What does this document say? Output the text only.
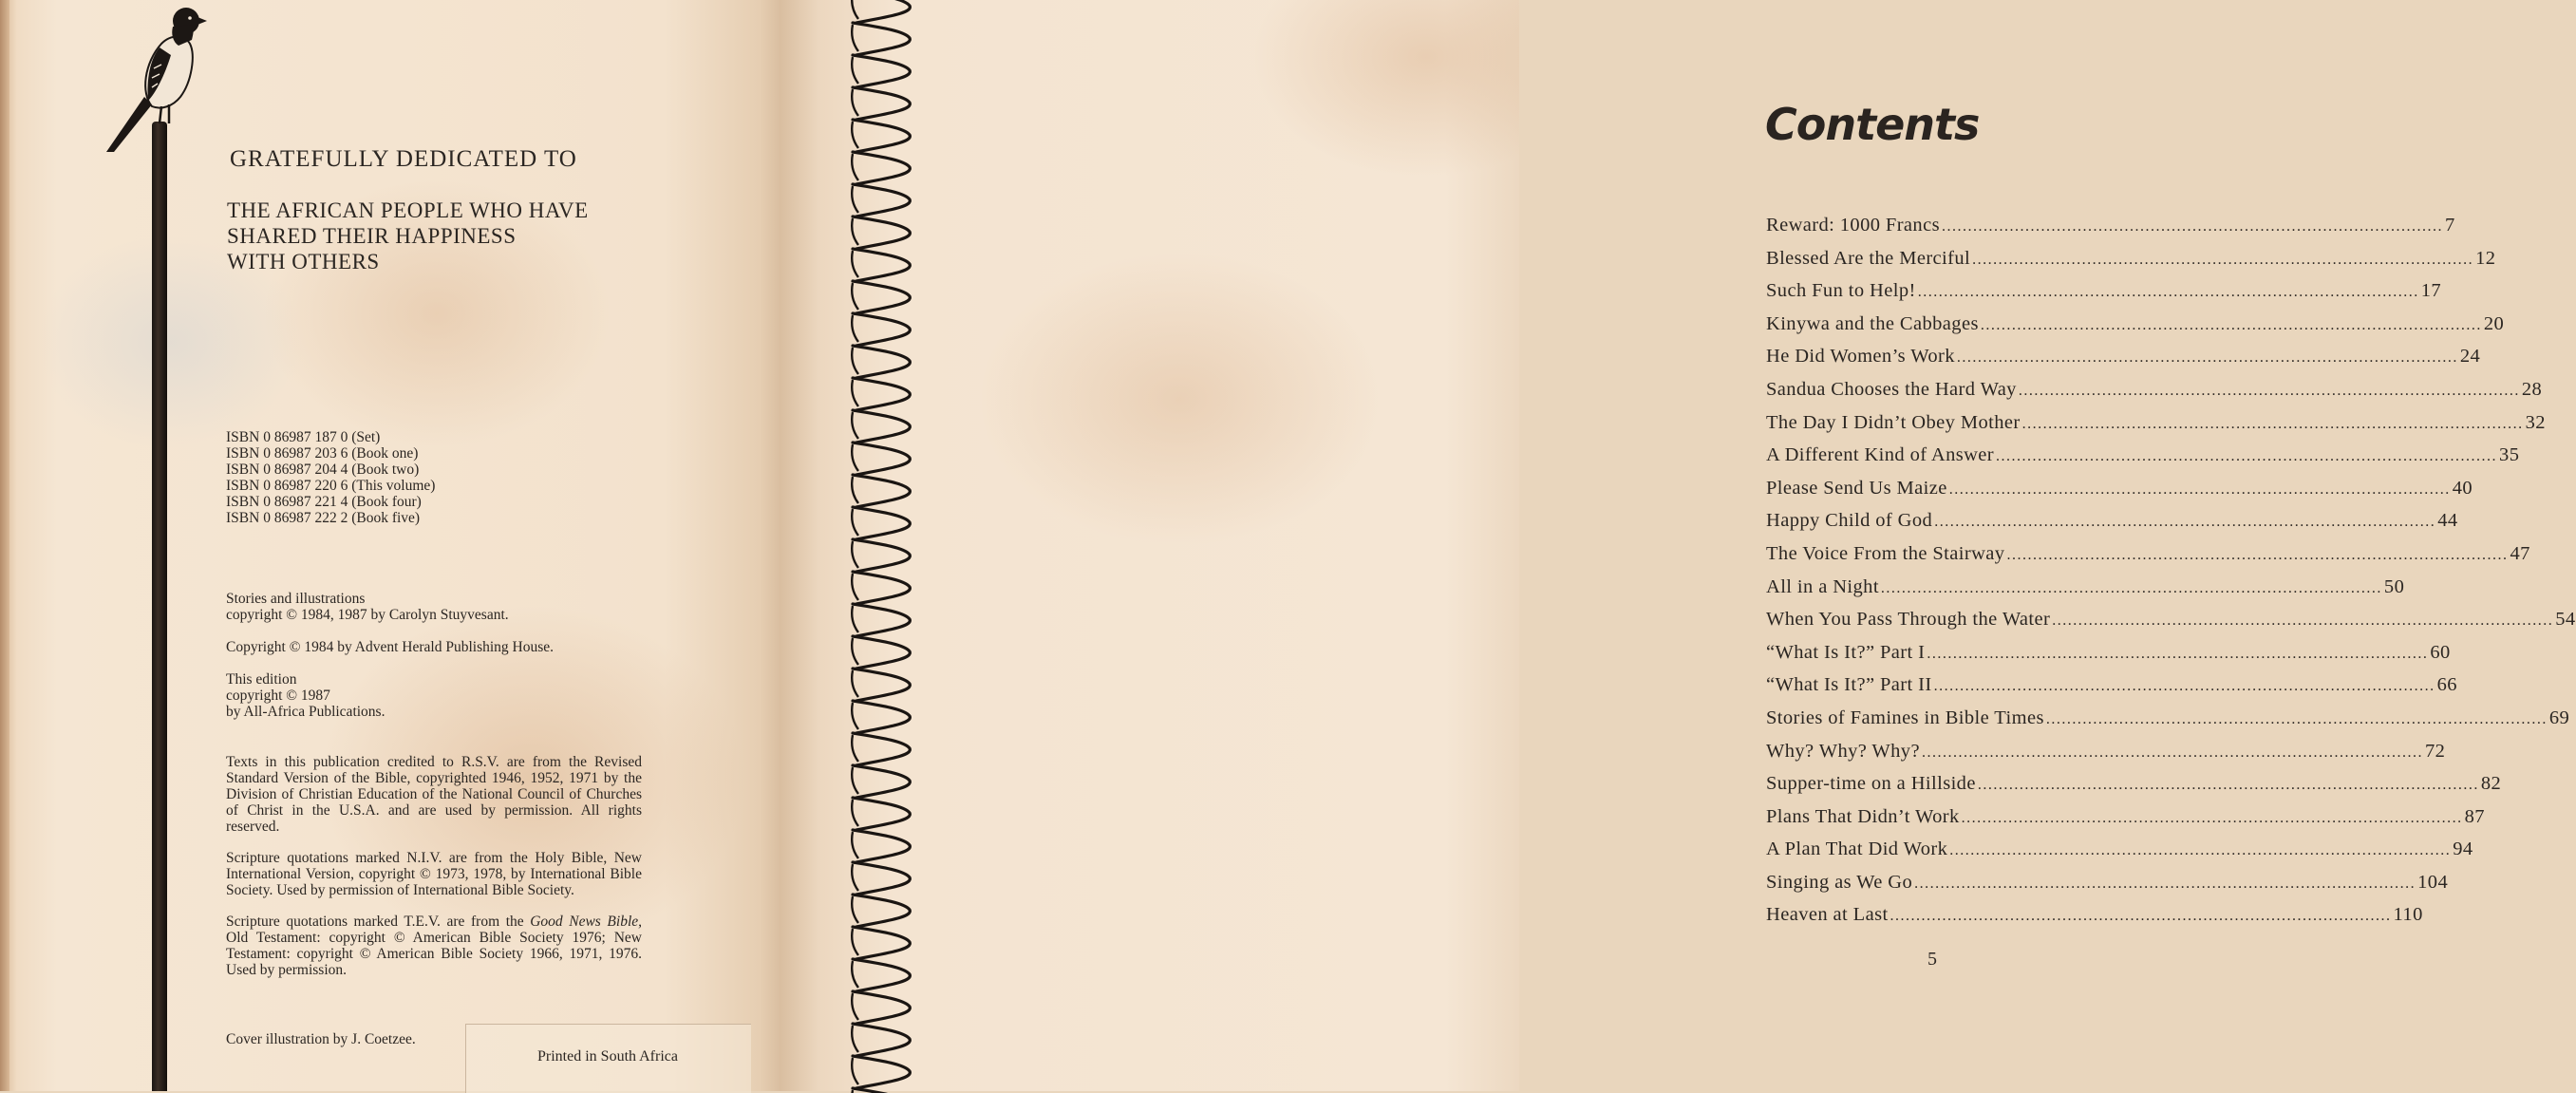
GRATEFULLY DEDICATED TO
THE AFRICAN PEOPLE WHO HAVE
SHARED THEIR HAPPINESS
WITH OTHERS
ISBN 0 86987 187 0 (Set)
ISBN 0 86987 203 6 (Book one)
ISBN 0 86987 204 4 (Book two)
ISBN 0 86987 220 6 (This volume)
ISBN 0 86987 221 4 (Book four)
ISBN 0 86987 222 2 (Book five)

Stories and illustrations
copyright © 1984, 1987 by Carolyn Stuyvesant.

Copyright © 1984 by Advent Herald Publishing House.

This edition
copyright © 1987
by All-Africa Publications.

Texts in this publication credited to R.S.V. are from the Revised Standard Version of the Bible, copyrighted 1946, 1952, 1971 by the Division of Christian Education of the National Council of Churches of Christ in the U.S.A. and are used by permission. All rights reserved.

Scripture quotations marked N.I.V. are from the Holy Bible, New International Version, copyright © 1973, 1978, by International Bible Society. Used by permission of International Bible Society.

Scripture quotations marked T.E.V. are from the Good News Bible, Old Testament: copyright © American Bible Society 1976; New Testament: copyright © American Bible Society 1966, 1971, 1976. Used by permission.

Cover illustration by J. Coetzee.

Printed in South Africa

Contents
Reward: 1000 Francs .....	7
Blessed Are the Merciful .....	12
Such Fun to Help! .....	17
Kinywa and the Cabbages .....	20
He Did Women’s Work .....	24
Sandua Chooses the Hard Way .....	28
The Day I Didn’t Obey Mother .....	32
A Different Kind of Answer .....	35
Please Send Us Maize .....	40
Happy Child of God .....	44
The Voice From the Stairway .....	47
All in a Night .....	50
When You Pass Through the Water .....	54
“What Is It?” Part I .....	60
“What Is It?” Part II .....	66
Stories of Famines in Bible Times .....	69
Why? Why? Why? .....	72
Supper-time on a Hillside .....	82
Plans That Didn’t Work .....	87
A Plan That Did Work .....	94
Singing as We Go .....	104
Heaven at Last .....	110

5
